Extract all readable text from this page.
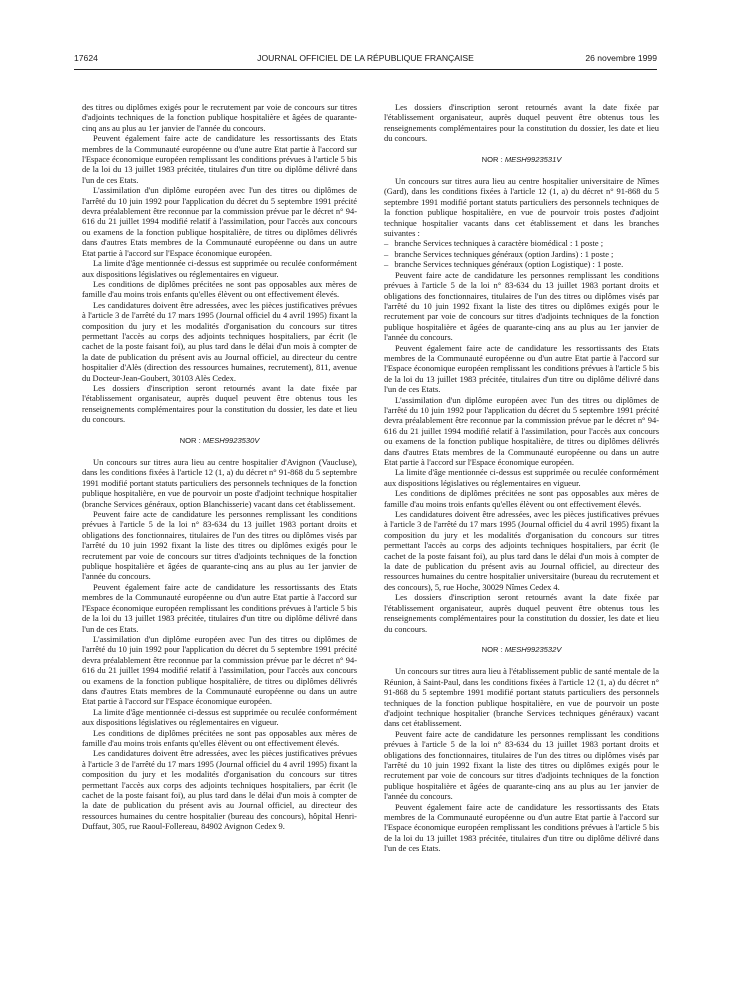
17624	JOURNAL OFFICIEL DE LA RÉPUBLIQUE FRANÇAISE	26 novembre 1999

des titres ou diplômes exigés pour le recrutement par voie de concours sur titres d'adjoints techniques de la fonction publique hospitalière et âgées de quarante-cinq ans au plus au 1er janvier de l'année du concours.

Peuvent également faire acte de candidature les ressortissants des Etats membres de la Communauté européenne ou d'une autre Etat partie à l'accord sur l'Espace économique européen remplissant les conditions prévues à l'article 5 bis de la loi du 13 juillet 1983 précitée, titulaires d'un titre ou diplôme délivré dans l'un de ces Etats.

L'assimilation d'un diplôme européen avec l'un des titres ou diplômes de l'arrêté du 10 juin 1992 pour l'application du décret du 5 septembre 1991 précité devra préalablement être reconnue par la commission prévue par le décret n° 94-616 du 21 juillet 1994 modifié relatif à l'assimilation, pour l'accès aux concours ou examens de la fonction publique hospitalière, de titres ou diplômes délivrés dans d'autres Etats membres de la Communauté européenne ou dans un autre Etat partie à l'accord sur l'Espace économique européen.

La limite d'âge mentionnée ci-dessus est supprimée ou reculée conformément aux dispositions législatives ou réglementaires en vigueur.

Les conditions de diplômes précitées ne sont pas opposables aux mères de famille d'au moins trois enfants qu'elles élèvent ou ont effectivement élevés.

Les candidatures doivent être adressées, avec les pièces justificatives prévues à l'article 3 de l'arrêté du 17 mars 1995 (Journal officiel du 4 avril 1995) fixant la composition du jury et les modalités d'organisation du concours sur titres permettant l'accès au corps des adjoints techniques hospitaliers, par écrit (le cachet de la poste faisant foi), au plus tard dans le délai d'un mois à compter de la date de publication du présent avis au Journal officiel, au directeur du centre hospitalier d'Alès (direction des ressources humaines, recrutement), 811, avenue du Docteur-Jean-Goubert, 30103 Alès Cedex.

Les dossiers d'inscription seront retournés avant la date fixée par l'établissement organisateur, auprès duquel peuvent être obtenus tous les renseignements complémentaires pour la constitution du dossier, les date et lieu du concours.

NOR : MESH9923530V

Un concours sur titres aura lieu au centre hospitalier d'Avignon (Vaucluse), dans les conditions fixées à l'article 12 (1, a) du décret n° 91-868 du 5 septembre 1991 modifié portant statuts particuliers des personnels techniques de la fonction publique hospitalière, en vue de pourvoir un poste d'adjoint technique hospitalier (branche Services généraux, option Blanchisserie) vacant dans cet établissement.

Peuvent faire acte de candidature les personnes remplissant les conditions prévues à l'article 5 de la loi n° 83-634 du 13 juillet 1983 portant droits et obligations des fonctionnaires, titulaires de l'un des titres ou diplômes visés par l'arrêté du 10 juin 1992 fixant la liste des titres ou diplômes exigés pour le recrutement par voie de concours sur titres d'adjoints techniques de la fonction publique hospitalière et âgées de quarante-cinq ans au plus au 1er janvier de l'année du concours.

Peuvent également faire acte de candidature les ressortissants des Etats membres de la Communauté européenne ou d'un autre Etat partie à l'accord sur l'Espace économique européen remplissant les conditions prévues à l'article 5 bis de la loi du 13 juillet 1983 précitée, titulaires d'un titre ou diplôme délivré dans l'un de ces Etats.

L'assimilation d'un diplôme européen avec l'un des titres ou diplômes de l'arrêté du 10 juin 1992 pour l'application du décret du 5 septembre 1991 précité devra préalablement être reconnue par la commission prévue par le décret n° 94-616 du 21 juillet 1994 modifié relatif à l'assimilation, pour l'accès aux concours ou examens de la fonction publique hospitalière, de titres ou diplômes délivrés dans d'autres Etats membres de la Communauté européenne ou dans un autre Etat partie à l'accord sur l'Espace économique européen.

La limite d'âge mentionnée ci-dessus est supprimée ou reculée conformément aux dispositions législatives ou réglementaires en vigueur.

Les conditions de diplômes précitées ne sont pas opposables aux mères de famille d'au moins trois enfants qu'elles élèvent ou ont effectivement élevés.

Les candidatures doivent être adressées, avec les pièces justificatives prévues à l'article 3 de l'arrêté du 17 mars 1995 (Journal officiel du 4 avril 1995) fixant la composition du jury et les modalités d'organisation du concours sur titres permettant l'accès aux corps des adjoints techniques hospitaliers, par écrit (le cachet de la poste faisant foi), au plus tard dans le délai d'un mois à compter de la date de publication du présent avis au Journal officiel, au directeur des ressources humaines du centre hospitalier (bureau des concours), hôpital Henri-Duffaut, 305, rue Raoul-Follereau, 84902 Avignon Cedex 9.

Les dossiers d'inscription seront retournés avant la date fixée par l'établissement organisateur, auprès duquel peuvent être obtenus tous les renseignements complémentaires pour la constitution du dossier, les date et lieu du concours.

NOR : MESH9923531V

Un concours sur titres aura lieu au centre hospitalier universitaire de Nîmes (Gard), dans les conditions fixées à l'article 12 (1, a) du décret n° 91-868 du 5 septembre 1991 modifié portant statuts particuliers des personnels techniques de la fonction publique hospitalière, en vue de pourvoir trois postes d'adjoint technique hospitalier vacants dans cet établissement et dans les branches suivantes :

– branche Services techniques à caractère biomédical : 1 poste ;

– branche Services techniques généraux (option Jardins) : 1 poste ;

– branche Services techniques généraux (option Logistique) : 1 poste.

Peuvent faire acte de candidature les personnes remplissant les conditions prévues à l'article 5 de la loi n° 83-634 du 13 juillet 1983 portant droits et obligations des fonctionnaires, titulaires de l'un des titres ou diplômes visés par l'arrêté du 10 juin 1992 fixant la liste des titres ou diplômes exigés pour le recrutement par voie de concours sur titres d'adjoints techniques de la fonction publique hospitalière et âgées de quarante-cinq ans au plus au 1er janvier de l'année du concours.

Peuvent également faire acte de candidature les ressortissants des Etats membres de la Communauté européenne ou d'un autre Etat partie à l'accord sur l'Espace économique européen remplissant les conditions prévues à l'article 5 bis de la loi du 13 juillet 1983 précitée, titulaires d'un titre ou diplôme délivré dans l'un de ces Etats.

L'assimilation d'un diplôme européen avec l'un des titres ou diplômes de l'arrêté du 10 juin 1992 pour l'application du décret du 5 septembre 1991 précité devra préalablement être reconnue par la commission prévue par le décret n° 94-616 du 21 juillet 1994 modifié relatif à l'assimilation, pour l'accès aux concours ou examens de la fonction publique hospitalière, de titres ou diplômes délivrés dans d'autres Etats membres de la Communauté européenne ou dans un autre Etat partie à l'accord sur l'Espace économique européen.

La limite d'âge mentionnée ci-dessus est supprimée ou reculée conformément aux dispositions législatives ou réglementaires en vigueur.

Les conditions de diplômes précitées ne sont pas opposables aux mères de famille d'au moins trois enfants qu'elles élèvent ou ont effectivement élevés.

Les candidatures doivent être adressées, avec les pièces justificatives prévues à l'article 3 de l'arrêté du 17 mars 1995 (Journal officiel du 4 avril 1995) fixant la composition du jury et les modalités d'organisation du concours sur titres permettant l'accès au corps des adjoints techniques hospitaliers, par écrit (le cachet de la poste faisant foi), au plus tard dans le délai d'un mois à compter de la date de publication du présent avis au Journal officiel, au directeur des ressources humaines du centre hospitalier universitaire (bureau du recrutement et des concours), 5, rue Hoche, 30029 Nîmes Cedex 4.

Les dossiers d'inscription seront retournés avant la date fixée par l'établissement organisateur, auprès duquel peuvent être obtenus tous les renseignements complémentaires pour la constitution du dossier, les date et lieu du concours.

NOR : MESH9923532V

Un concours sur titres aura lieu à l'établissement public de santé mentale de la Réunion, à Saint-Paul, dans les conditions fixées à l'article 12 (1, a) du décret n° 91-868 du 5 septembre 1991 modifié portant statuts particuliers des personnels techniques de la fonction publique hospitalière, en vue de pourvoir un poste d'adjoint technique hospitalier (branche Services techniques généraux) vacant dans cet établissement.

Peuvent faire acte de candidature les personnes remplissant les conditions prévues à l'article 5 de la loi n° 83-634 du 13 juillet 1983 portant droits et obligations des fonctionnaires, titulaires de l'un des titres ou diplômes visés par l'arrêté du 10 juin 1992 fixant la liste des titres ou diplômes exigés pour le recrutement par voie de concours sur titres d'adjoints techniques de la fonction publique hospitalière et âgées de quarante-cinq ans au plus au 1er janvier de l'année du concours.

Peuvent également faire acte de candidature les ressortissants des Etats membres de la Communauté européenne ou d'un autre Etat partie à l'accord sur l'Espace économique européen remplissant les conditions prévues à l'article 5 bis de la loi du 13 juillet 1983 précitée, titulaires d'un titre ou diplôme délivré dans l'un de ces Etats.
